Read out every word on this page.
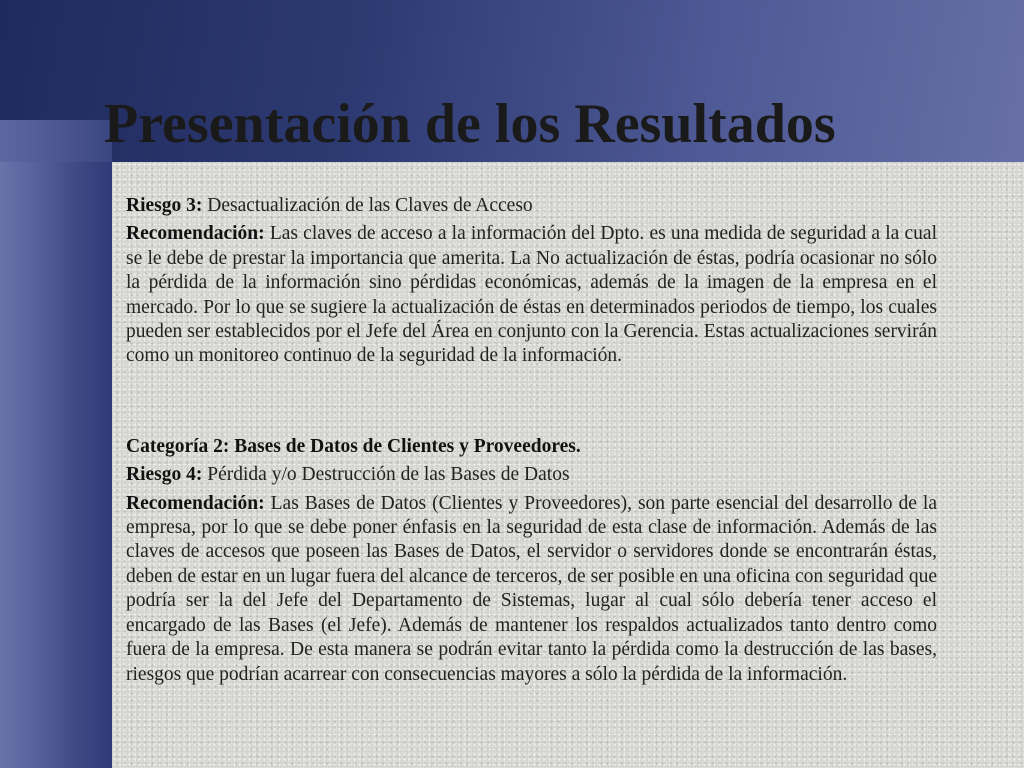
Presentación de los Resultados

Riesgo 3: Desactualización de las Claves de Acceso

Recomendación: Las claves de acceso a la información del Dpto. es una medida de seguridad a la cual se le debe de prestar la importancia que amerita. La No actualización de éstas, podría ocasionar no sólo la pérdida de la información sino pérdidas económicas, además de la imagen de la empresa en el mercado. Por lo que se sugiere la actualización de éstas en determinados periodos de tiempo, los cuales pueden ser establecidos por el Jefe del Área en conjunto con la Gerencia. Estas actualizaciones servirán como un monitoreo continuo de la seguridad de la información.

Categoría 2: Bases de Datos de Clientes y Proveedores.

Riesgo 4: Pérdida y/o Destrucción de las Bases de Datos

Recomendación: Las Bases de Datos (Clientes y Proveedores), son parte esencial del desarrollo de la empresa, por lo que se debe poner énfasis en la seguridad de esta clase de información. Además de las claves de accesos que poseen las Bases de Datos, el servidor o servidores donde se encontrarán éstas, deben de estar en un lugar fuera del alcance de terceros, de ser posible en una oficina con seguridad que podría ser la del Jefe del Departamento de Sistemas, lugar al cual sólo debería tener acceso el encargado de las Bases (el Jefe). Además de mantener los respaldos actualizados tanto dentro como fuera de la empresa. De esta manera se podrán evitar tanto la pérdida como la destrucción de las bases, riesgos que podrían acarrear con consecuencias mayores a sólo la pérdida de la información.
